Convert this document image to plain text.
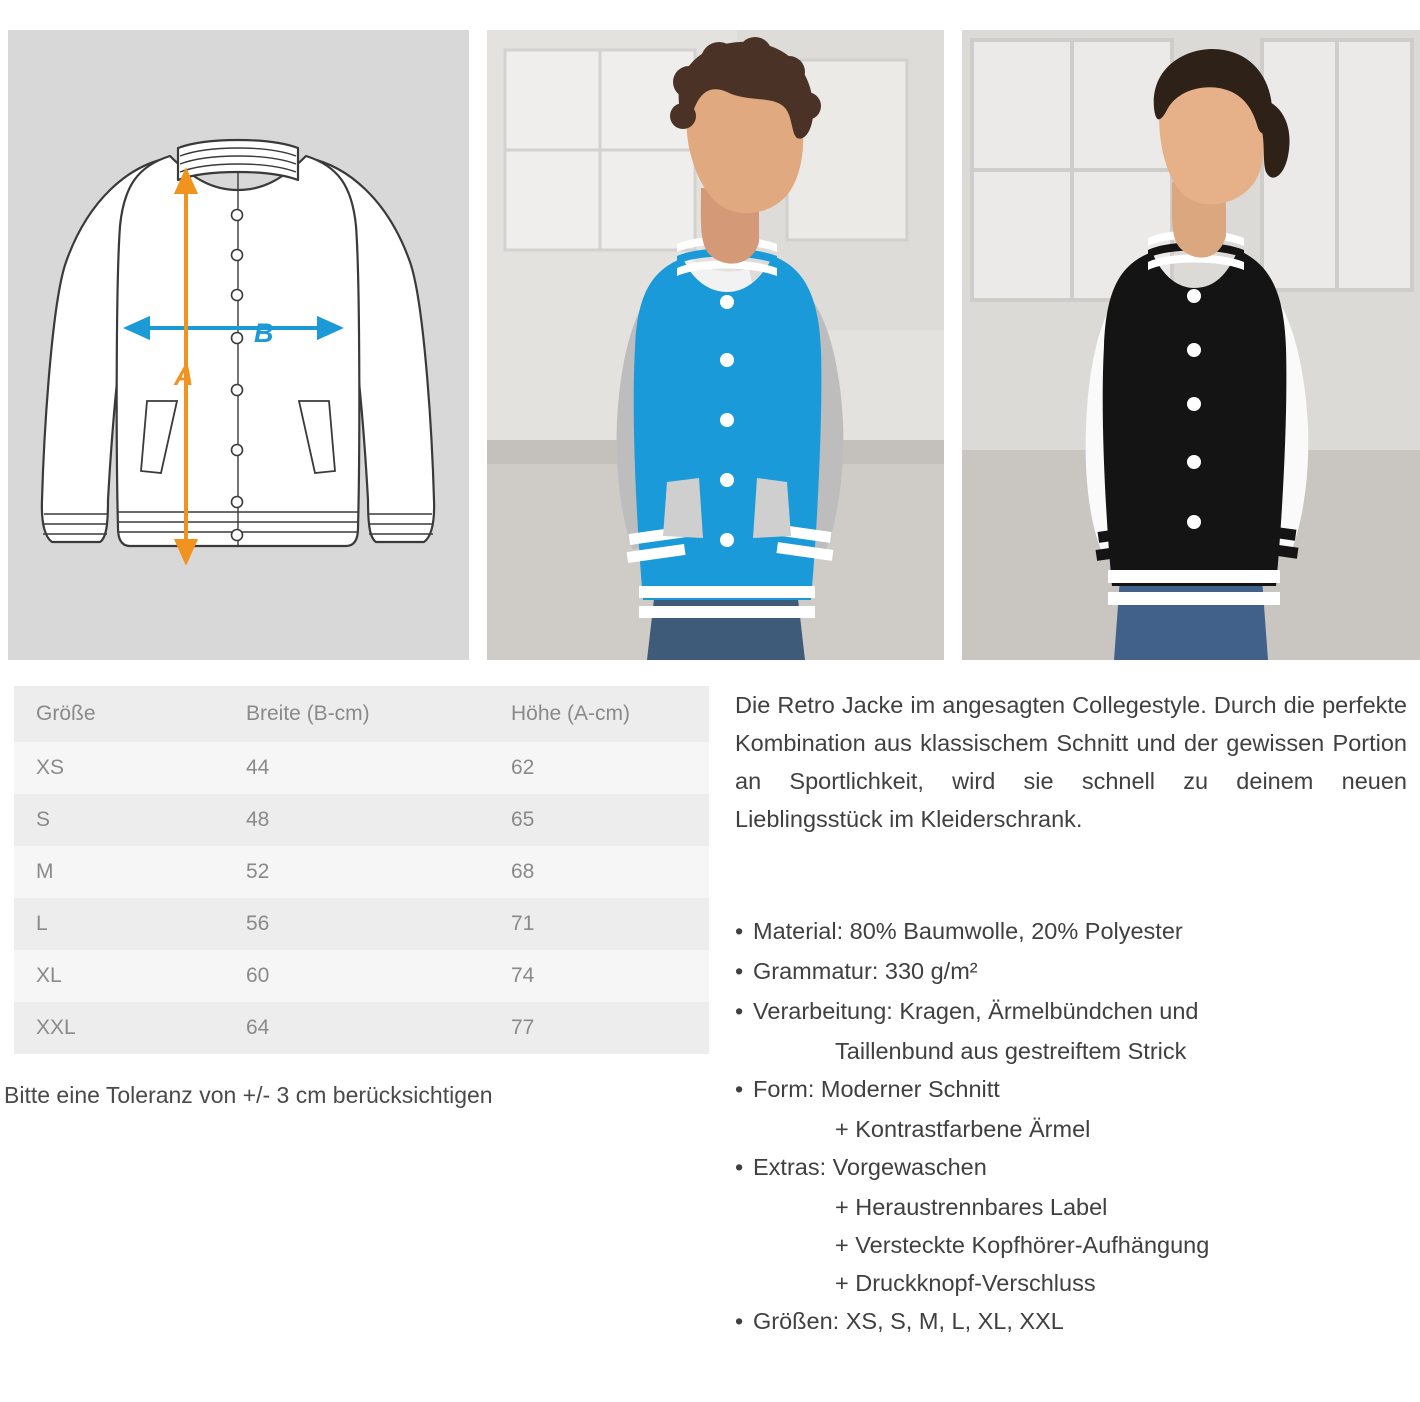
B
A
Größe	Breite (B-cm)	Höhe (A-cm)
XS	44	62
S	48	65
M	52	68
L	56	71
XL	60	74
XXL	64	77
Bitte eine Toleranz von +/- 3 cm berücksichtigen
Die Retro Jacke im angesagten Collegestyle. Durch die perfekte Kombination aus klassischem Schnitt und der gewissen Portion an Sportlichkeit, wird sie schnell zu deinem neuen Lieblingsstück im Kleiderschrank.
• Material: 80% Baumwolle, 20% Polyester
• Grammatur: 330 g/m²
• Verarbeitung: Kragen, Ärmelbündchen und
Taillenbund aus gestreiftem Strick
• Form: Moderner Schnitt
+ Kontrastfarbene Ärmel
• Extras: Vorgewaschen
+ Heraustrennbares Label
+ Versteckte Kopfhörer-Aufhängung
+ Druckknopf-Verschluss
• Größen: XS, S, M, L, XL, XXL
